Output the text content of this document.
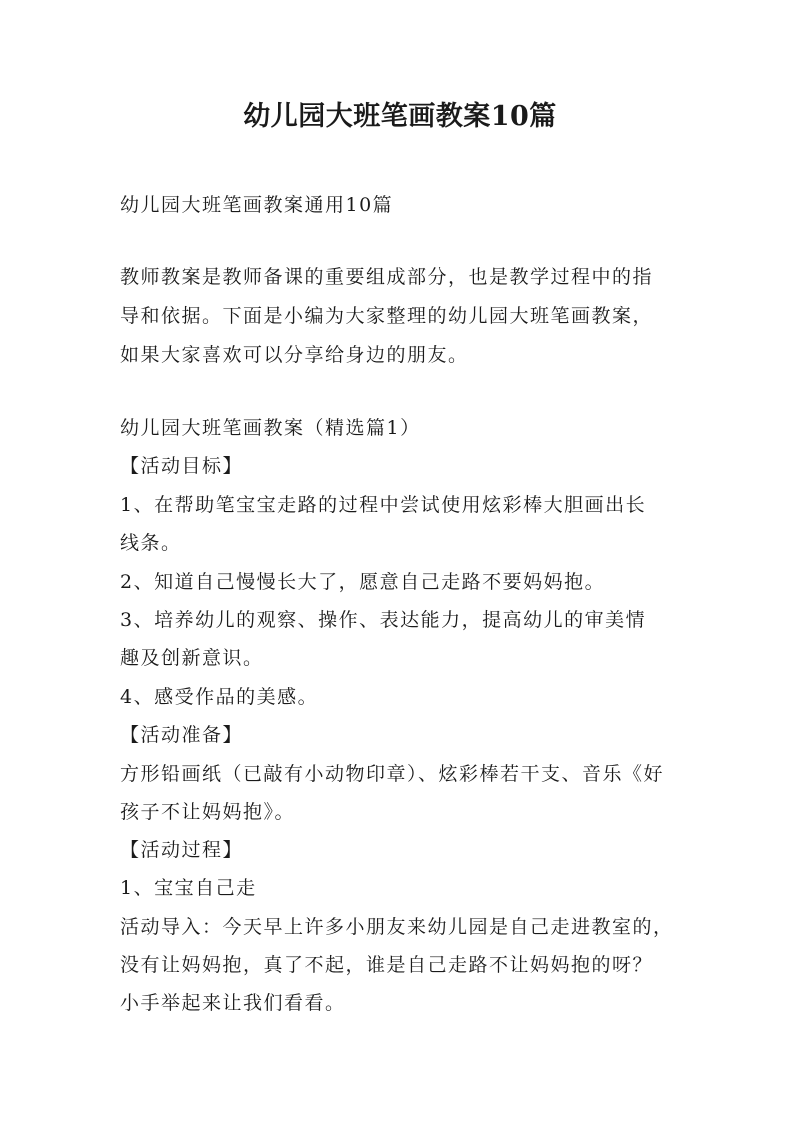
幼儿园大班笔画教案10篇
幼儿园大班笔画教案通用10篇
教师教案是教师备课的重要组成部分，也是教学过程中的指
导和依据。下面是小编为大家整理的幼儿园大班笔画教案，
如果大家喜欢可以分享给身边的朋友。
幼儿园大班笔画教案（精选篇1）
【活动目标】
1、在帮助笔宝宝走路的过程中尝试使用炫彩棒大胆画出长
线条。
2、知道自己慢慢长大了，愿意自己走路不要妈妈抱。
3、培养幼儿的观察、操作、表达能力，提高幼儿的审美情
趣及创新意识。
4、感受作品的美感。
【活动准备】
方形铅画纸（已敲有小动物印章）、炫彩棒若干支、音乐《好
孩子不让妈妈抱》。
【活动过程】
1、宝宝自己走
活动导入：今天早上许多小朋友来幼儿园是自己走进教室的，
没有让妈妈抱，真了不起，谁是自己走路不让妈妈抱的呀？
小手举起来让我们看看。
